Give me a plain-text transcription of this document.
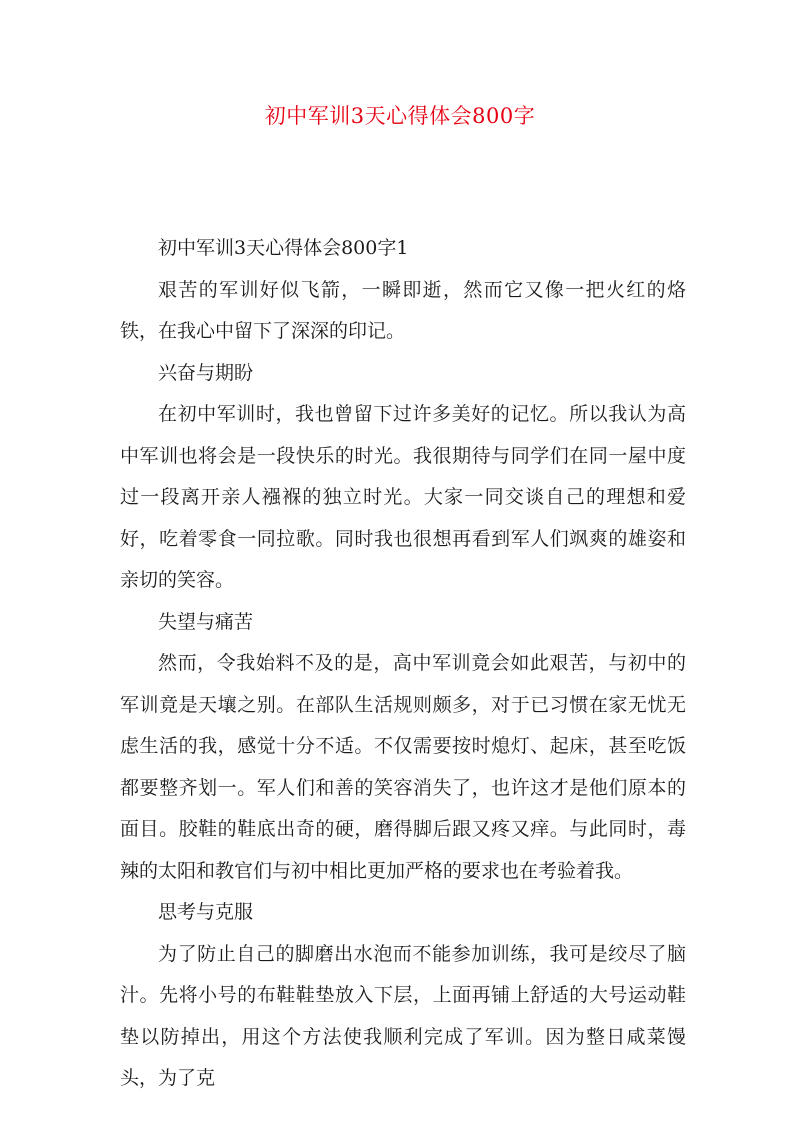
初中军训3天心得体会800字

初中军训3天心得体会800字1

艰苦的军训好似飞箭，一瞬即逝，然而它又像一把火红的烙铁，在我心中留下了深深的印记。

兴奋与期盼

在初中军训时，我也曾留下过许多美好的记忆。所以我认为高中军训也将会是一段快乐的时光。我很期待与同学们在同一屋中度过一段离开亲人襁褓的独立时光。大家一同交谈自己的理想和爱好，吃着零食一同拉歌。同时我也很想再看到军人们飒爽的雄姿和亲切的笑容。

失望与痛苦

然而，令我始料不及的是，高中军训竟会如此艰苦，与初中的军训竟是天壤之别。在部队生活规则颇多，对于已习惯在家无忧无虑生活的我，感觉十分不适。不仅需要按时熄灯、起床，甚至吃饭都要整齐划一。军人们和善的笑容消失了，也许这才是他们原本的面目。胶鞋的鞋底出奇的硬，磨得脚后跟又疼又痒。与此同时，毒辣的太阳和教官们与初中相比更加严格的要求也在考验着我。

思考与克服

为了防止自己的脚磨出水泡而不能参加训练，我可是绞尽了脑汁。先将小号的布鞋鞋垫放入下层，上面再铺上舒适的大号运动鞋垫以防掉出，用这个方法使我顺利完成了军训。因为整日咸菜馒头，为了克
